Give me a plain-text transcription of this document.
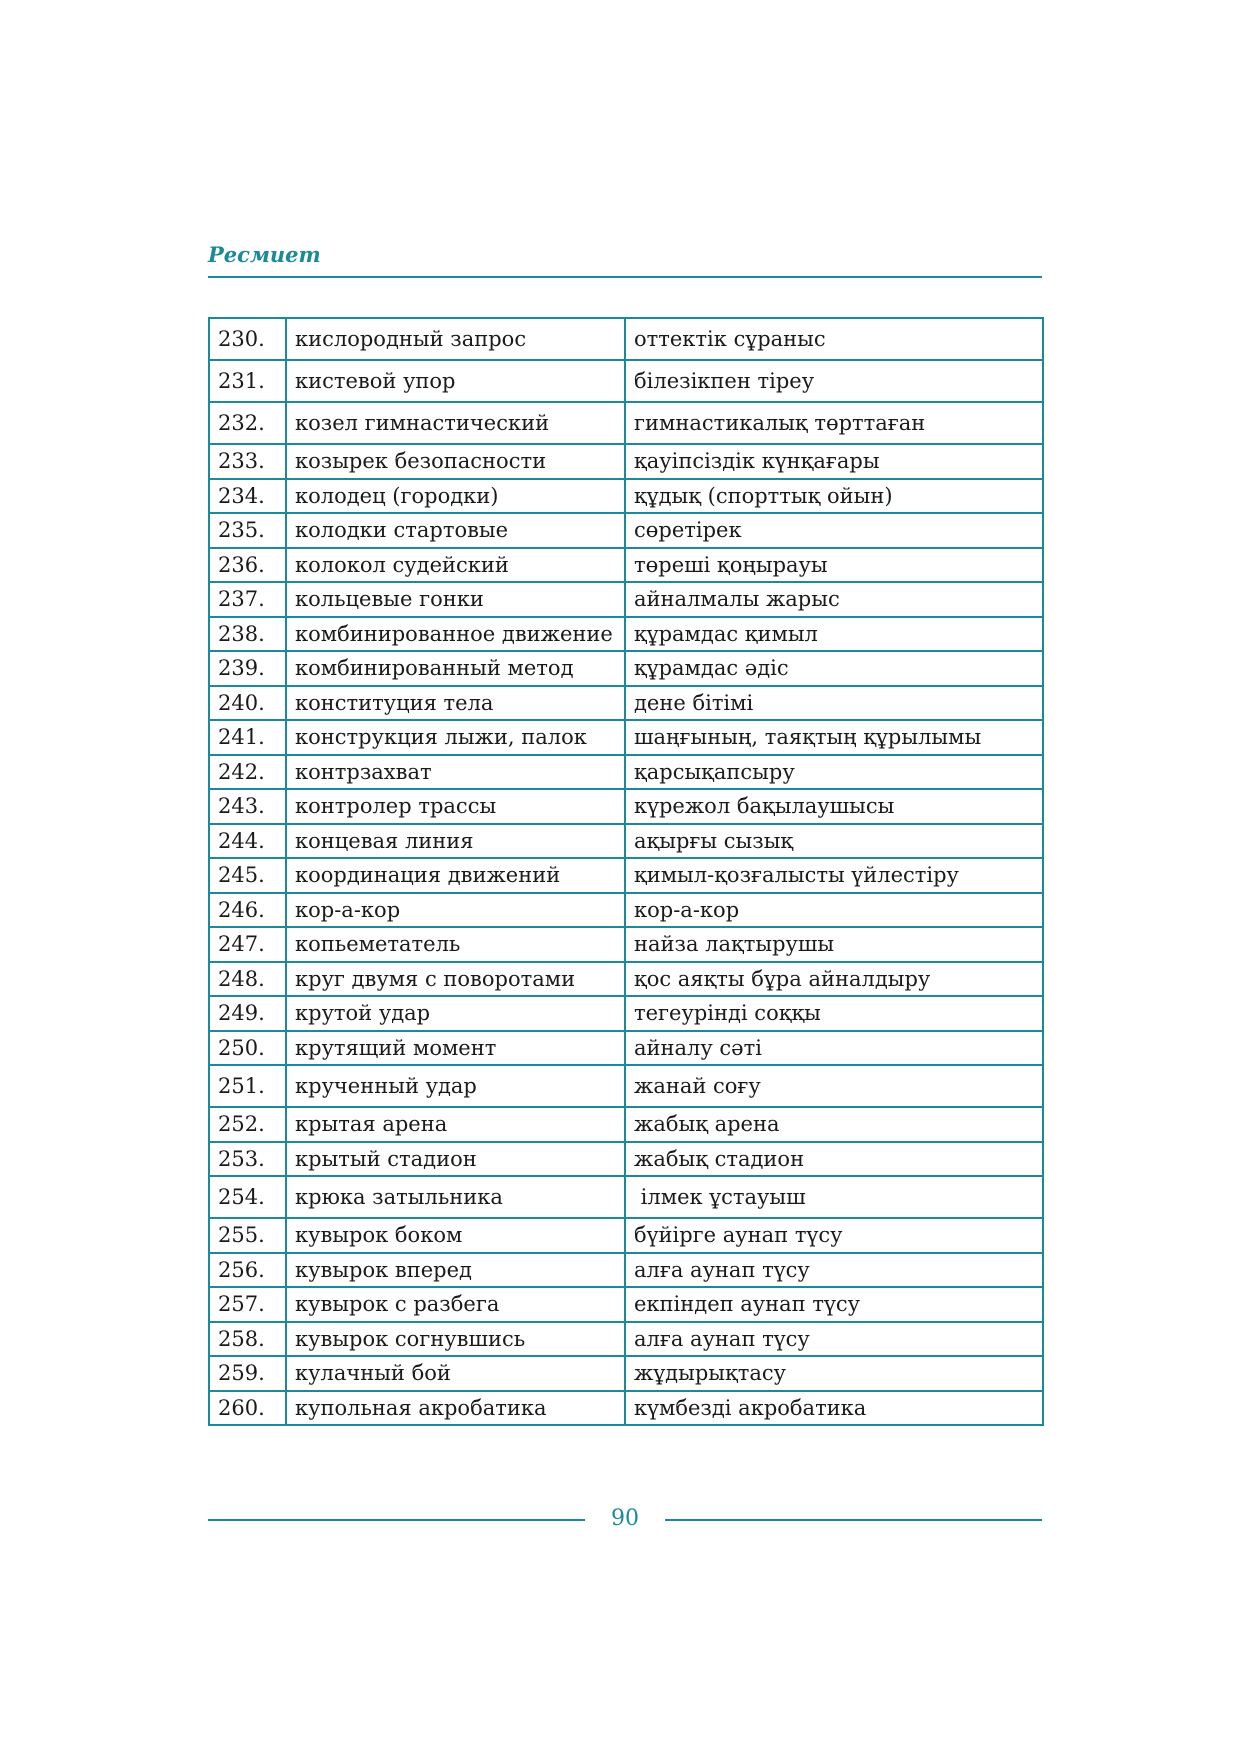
Ресмиет
230.	кислородный запрос	оттектік сұраныс
231.	кистевой упор	білезікпен тіреу
232.	козел гимнастический	гимнастикалық төрттаған
233.	козырек безопасности	қауіпсіздік күнқағары
234.	колодец (городки)	құдық (спорттық ойын)
235.	колодки стартовые	сөретірек
236.	колокол судейский	төреші қоңырауы
237.	кольцевые гонки	айналмалы жарыс
238.	комбинированное движение	құрамдас қимыл
239.	комбинированный метод	құрамдас әдіс
240.	конституция тела	дене бітімі
241.	конструкция лыжи, палок	шаңғының, таяқтың құрылымы
242.	контрзахват	қарсықапсыру
243.	контролер трассы	күрежол бақылаушысы
244.	концевая линия	ақырғы сызық
245.	координация движений	қимыл-қозғалысты үйлестіру
246.	кор-а-кор	кор-а-кор
247.	копьеметатель	найза лақтырушы
248.	круг двумя с поворотами	қос аяқты бұра айналдыру
249.	крутой удар	тегеурінді соққы
250.	крутящий момент	айналу сәті
251.	крученный удар	жанай соғу
252.	крытая арена	жабық арена
253.	крытый стадион	жабық стадион
254.	крюка затыльника	ілмек ұстауыш
255.	кувырок боком	бүйірге аунап түсу
256.	кувырок вперед	алға аунап түсу
257.	кувырок с разбега	екпіндеп аунап түсу
258.	кувырок согнувшись	алға аунап түсу
259.	кулачный бой	жұдырықтасу
260.	купольная акробатика	күмбезді акробатика
90
